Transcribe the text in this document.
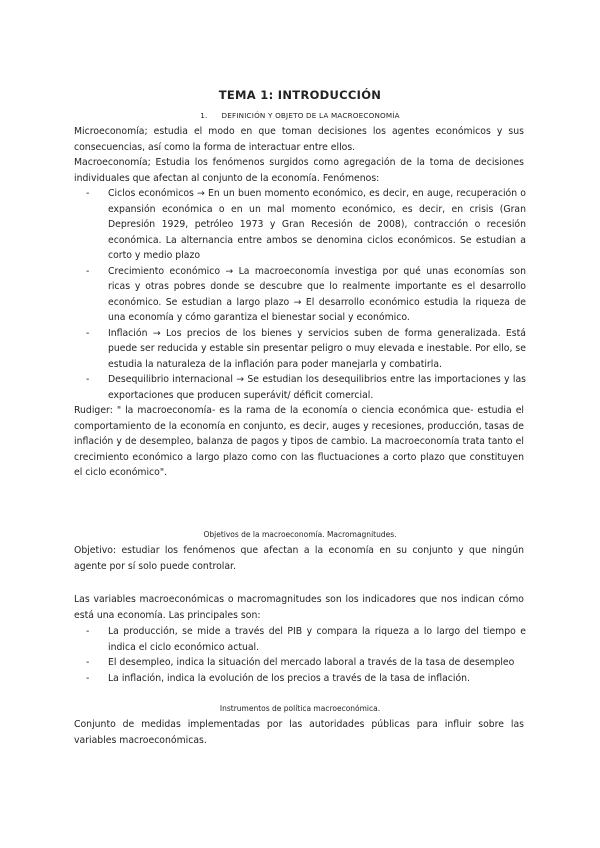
TEMA 1: INTRODUCCIÓN
1. DEFINICIÓN Y OBJETO DE LA MACROECONOMÍA

Microeconomía; estudia el modo en que toman decisiones los agentes económicos y sus consecuencias, así como la forma de interactuar entre ellos.

Macroeconomía; Estudia los fenómenos surgidos como agregación de la toma de decisiones individuales que afectan al conjunto de la economía. Fenómenos:

- Ciclos económicos → En un buen momento económico, es decir, en auge, recuperación o expansión económica o en un mal momento económico, es decir, en crisis (Gran Depresión 1929, petróleo 1973 y Gran Recesión de 2008), contracción o recesión económica. La alternancia entre ambos se denomina ciclos económicos. Se estudian a corto y medio plazo
- Crecimiento económico → La macroeconomía investiga por qué unas economías son ricas y otras pobres donde se descubre que lo realmente importante es el desarrollo económico. Se estudian a largo plazo → El desarrollo económico estudia la riqueza de una economía y cómo garantiza el bienestar social y económico.
- Inflación → Los precios de los bienes y servicios suben de forma generalizada. Está puede ser reducida y estable sin presentar peligro o muy elevada e inestable. Por ello, se estudia la naturaleza de la inflación para poder manejarla y combatirla.
- Desequilibrio internacional → Se estudian los desequilibrios entre las importaciones y las exportaciones que producen superávit/ déficit comercial.

Rudiger: " la macroeconomía- es la rama de la economía o ciencia económica que- estudia el comportamiento de la economía en conjunto, es decir, auges y recesiones, producción, tasas de inflación y de desempleo, balanza de pagos y tipos de cambio. La macroeconomía trata tanto el crecimiento económico a largo plazo como con las fluctuaciones a corto plazo que constituyen el ciclo económico".

Objetivos de la macroeconomía. Macromagnitudes.

Objetivo: estudiar los fenómenos que afectan a la economía en su conjunto y que ningún agente por sí solo puede controlar.

Las variables macroeconómicas o macromagnitudes son los indicadores que nos indican cómo está una economía. Las principales son:

- La producción, se mide a través del PIB y compara la riqueza a lo largo del tiempo e indica el ciclo económico actual.
- El desempleo, indica la situación del mercado laboral a través de la tasa de desempleo
- La inflación, indica la evolución de los precios a través de la tasa de inflación.
Instrumentos de política macroeconómica.

Conjunto de medidas implementadas por las autoridades públicas para influir sobre las variables macroeconómicas.
